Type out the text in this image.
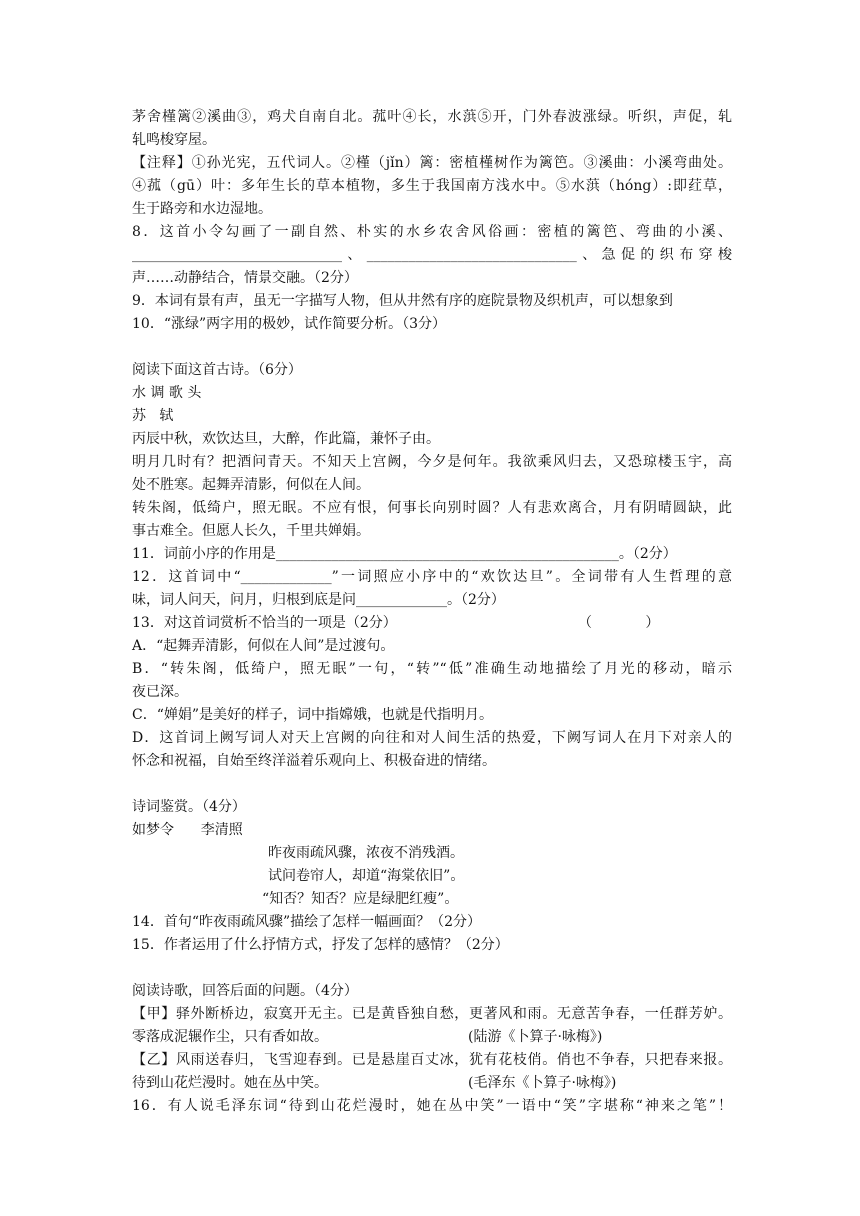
茅舍槿篱②溪曲③，鸡犬自南自北。菰叶④长，水葓⑤开，门外春波涨绿。听织，声促，轧
轧鸣梭穿屋。
【注释】①孙光宪，五代词人。②槿（jǐn）篱：密植槿树作为篱笆。③溪曲：小溪弯曲处。
④菰（gū）叶：多年生长的草本植物，多生于我国南方浅水中。⑤水葓（hóng）:即荭草，
生于路旁和水边湿地。
8．这首小令勾画了一副自然、朴实的水乡农舍风俗画：密植的篱笆、弯曲的小溪、
______________________________、______________________________、急促的织布穿梭
声……动静结合，情景交融。（2分）
9．本词有景有声，虽无一字描写人物，但从井然有序的庭院景物及织机声，可以想象到
10．“涨绿”两字用的极妙，试作简要分析。（3分）
阅读下面这首古诗。（6分）
水 调 歌 头
苏   轼
丙辰中秋，欢饮达旦，大醉，作此篇，兼怀子由。
明月几时有？把酒问青天。不知天上宫阙，今夕是何年。我欲乘风归去，又恐琼楼玉宇，高
处不胜寒。起舞弄清影，何似在人间。
转朱阁，低绮户，照无眠。不应有恨，何事长向别时圆？人有悲欢离合，月有阴晴圆缺，此
事古难全。但愿人长久，千里共婵娟。
11．词前小序的作用是_________________________________________________。（2分）
12．这首词中“_____________”一词照应小序中的“欢饮达旦”。全词带有人生哲理的意
味，词人问天，问月，归根到底是问_____________。（2分）
13．对这首词赏析不恰当的一项是（2分）	（            ）
A．“起舞弄清影，何似在人间”是过渡句。
B．“转朱阁，低绮户，照无眠”一句，“转”“低”准确生动地描绘了月光的移动，暗示
夜已深。
C．“婵娟”是美好的样子，词中指嫦娥，也就是代指明月。
D．这首词上阙写词人对天上宫阙的向往和对人间生活的热爱，下阙写词人在月下对亲人的
怀念和祝福，自始至终洋溢着乐观向上、积极奋进的情绪。
诗词鉴赏。（4分）
如梦令      李清照
昨夜雨疏风骤，浓夜不消残酒。
试问卷帘人，却道“海棠依旧”。
“知否？知否？应是绿肥红瘦”。
14．首句“昨夜雨疏风骤”描绘了怎样一幅画面？（2分）
15．作者运用了什么抒情方式，抒发了怎样的感情？（2分）
阅读诗歌，回答后面的问题。（4分）
【甲】驿外断桥边，寂寞开无主。已是黄昏独自愁，更著风和雨。无意苦争春，一任群芳妒。
零落成泥辗作尘，只有香如故。	(陆游《卜算子·咏梅》)
【乙】风雨送春归，飞雪迎春到。已是悬崖百丈冰，犹有花枝俏。俏也不争春，只把春来报。
待到山花烂漫时。她在丛中笑。	(毛泽东《卜算子·咏梅》)
16．有人说毛泽东词“待到山花烂漫时，她在丛中笑”一语中“笑”字堪称“神来之笔”！
